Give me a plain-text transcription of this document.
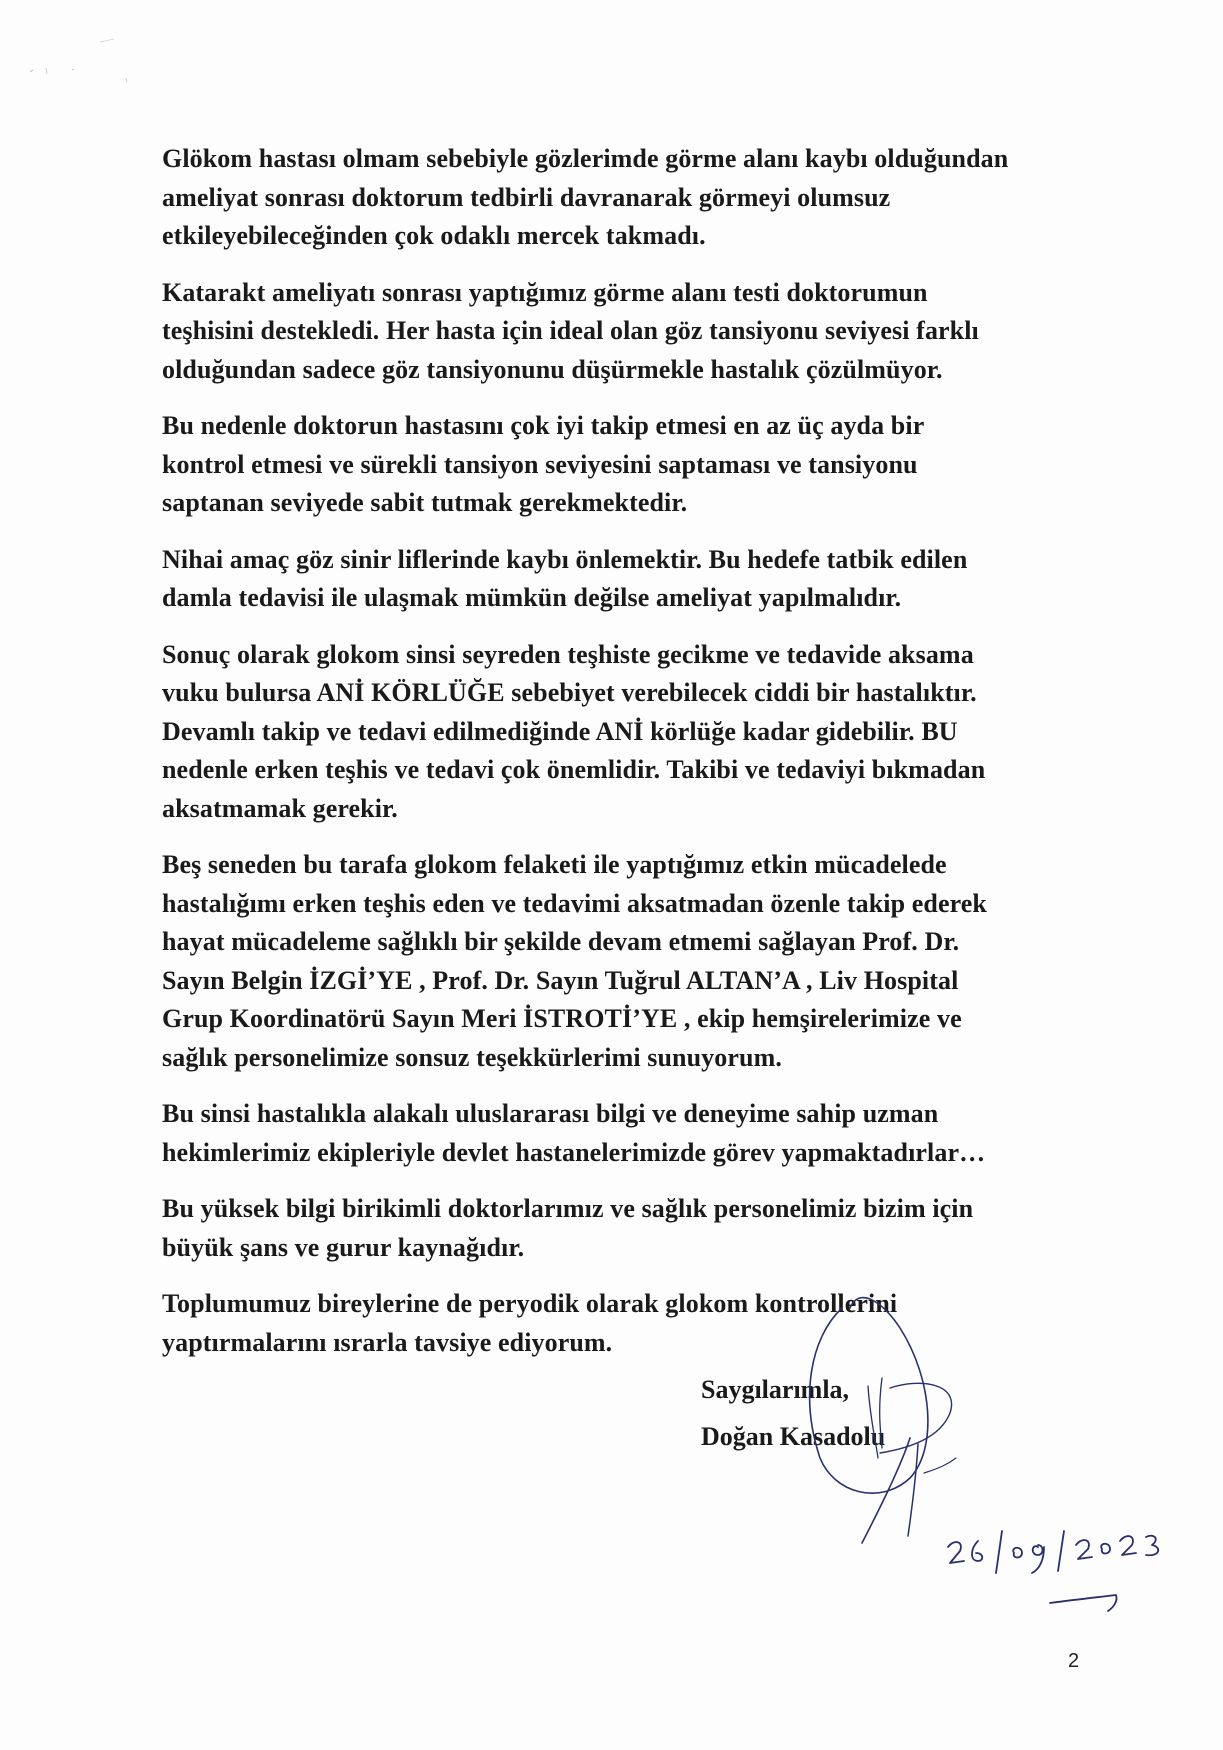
Glökom hastası olmam sebebiyle gözlerimde görme alanı kaybı olduğundan
ameliyat sonrası doktorum tedbirli davranarak görmeyi olumsuz
etkileyebileceğinden çok odaklı mercek takmadı.
Katarakt ameliyatı sonrası yaptığımız görme alanı testi doktorumun
teşhisini destekledi. Her hasta için ideal olan göz tansiyonu seviyesi farklı
olduğundan sadece göz tansiyonunu düşürmekle hastalık çözülmüyor.
Bu nedenle doktorun hastasını çok iyi takip etmesi en az üç ayda bir
kontrol etmesi ve sürekli tansiyon seviyesini saptaması ve tansiyonu
saptanan seviyede sabit tutmak gerekmektedir.
Nihai amaç göz sinir liflerinde kaybı önlemektir. Bu hedefe tatbik edilen
damla tedavisi ile ulaşmak mümkün değilse ameliyat yapılmalıdır.
Sonuç olarak glokom sinsi seyreden teşhiste gecikme ve tedavide aksama
vuku bulursa ANİ KÖRLÜĞE sebebiyet verebilecek ciddi bir hastalıktır.
Devamlı takip ve tedavi edilmediğinde ANİ körlüğe kadar gidebilir. BU
nedenle erken teşhis ve tedavi çok önemlidir. Takibi ve tedaviyi bıkmadan
aksatmamak gerekir.
Beş seneden bu tarafa glokom felaketi ile yaptığımız etkin mücadelede
hastalığımı erken teşhis eden ve tedavimi aksatmadan özenle takip ederek
hayat mücadeleme sağlıklı bir şekilde devam etmemi sağlayan Prof. Dr.
Sayın Belgin İZGİ’YE , Prof. Dr. Sayın Tuğrul ALTAN’A , Liv Hospital
Grup Koordinatörü Sayın Meri İSTROTİ’YE , ekip hemşirelerimize ve
sağlık personelimize sonsuz teşekkürlerimi sunuyorum.
Bu sinsi hastalıkla alakalı uluslararası bilgi ve deneyime sahip uzman
hekimlerimiz ekipleriyle devlet hastanelerimizde görev yapmaktadırlar…
Bu yüksek bilgi birikimli doktorlarımız ve sağlık personelimiz bizim için
büyük şans ve gurur kaynağıdır.
Toplumumuz bireylerine de peryodik olarak glokom kontrollerini
yaptırmalarını ısrarla tavsiye ediyorum.
Saygılarımla,
Doğan Kasadolu
2
